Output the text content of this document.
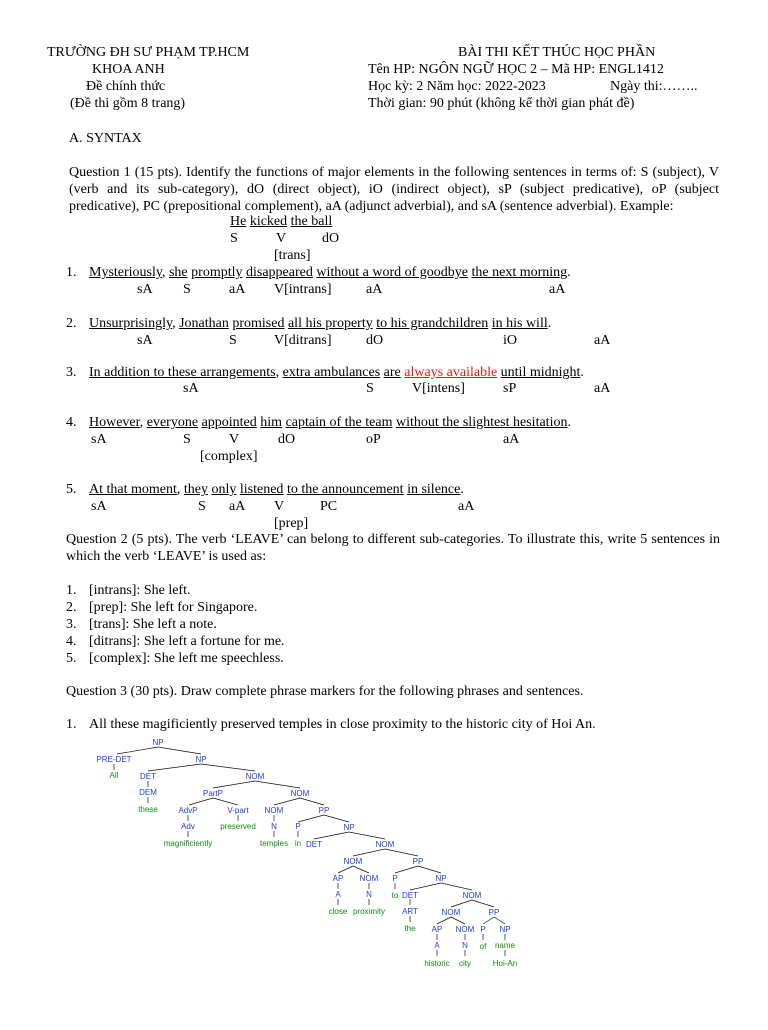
TRƯỜNG ĐH SƯ PHẠM TP.HCM
KHOA ANH
Đề chính thức
(Đề thi gồm 8 trang)
BÀI THI KẾT THÚC HỌC PHẦN
Tên HP: NGÔN NGỮ HỌC 2 – Mã HP: ENGL1412
Học kỳ: 2 Năm học: 2022-2023	Ngày thi:……..
Thời gian: 90 phút (không kể thời gian phát đề)
A. SYNTAX
Question 1 (15 pts). Identify the functions of major elements in the following sentences in terms of: S (subject), V (verb and its sub-category), dO (direct object), iO (indirect object), sP (subject predicative), oP (subject predicative), PC (prepositional complement), aA (adjunct adverbial), and sA (sentence adverbial). Example:
He kicked the ball
S	V	dO
[trans]
1. Mysteriously, she promptly disappeared without a word of goodbye the next morning.
sA S	aA V[intrans] aA	aA
2. Unsurprisingly, Jonathan promised all his property to his grandchildren in his will.
sA	S	V[ditrans] dO	iO	aA
3. In addition to these arrangements, extra ambulances are always available until midnight.
sA	S	V[intens]	sP	aA
4. However, everyone appointed him captain of the team without the slightest hesitation.
sA	S	V	dO	oP	aA
[complex]
5. At that moment, they only listened to the announcement in silence.
sA	S aA V	PC	aA
[prep]
Question 2 (5 pts). The verb ‘LEAVE’ can belong to different sub-categories. To illustrate this, write 5 sentences in which the verb ‘LEAVE’ is used as:
1. [intrans]: She left.
2. [prep]: She left for Singapore.
3. [trans]: She left a note.
4. [ditrans]: She left a fortune for me.
5. [complex]: She left me speechless.
Question 3 (30 pts). Draw complete phrase markers for the following phrases and sentences.
1. All these magificiently preserved temples in close proximity to the historic city of Hoi An.
NP
PRE-DET	NP
All	DET	NOM
DEM	PartP	NOM
these	AdvP	V-part NOM	PP
Adv	preserved N P	NP
magnificiently	temples in DET	NOM
NOM	PP
AP NOM P	NP
A	N to DET	NOM
close proximity ART	NOM	PP
the AP NOM P NP
A	N of name
historic city	Hoi-An
